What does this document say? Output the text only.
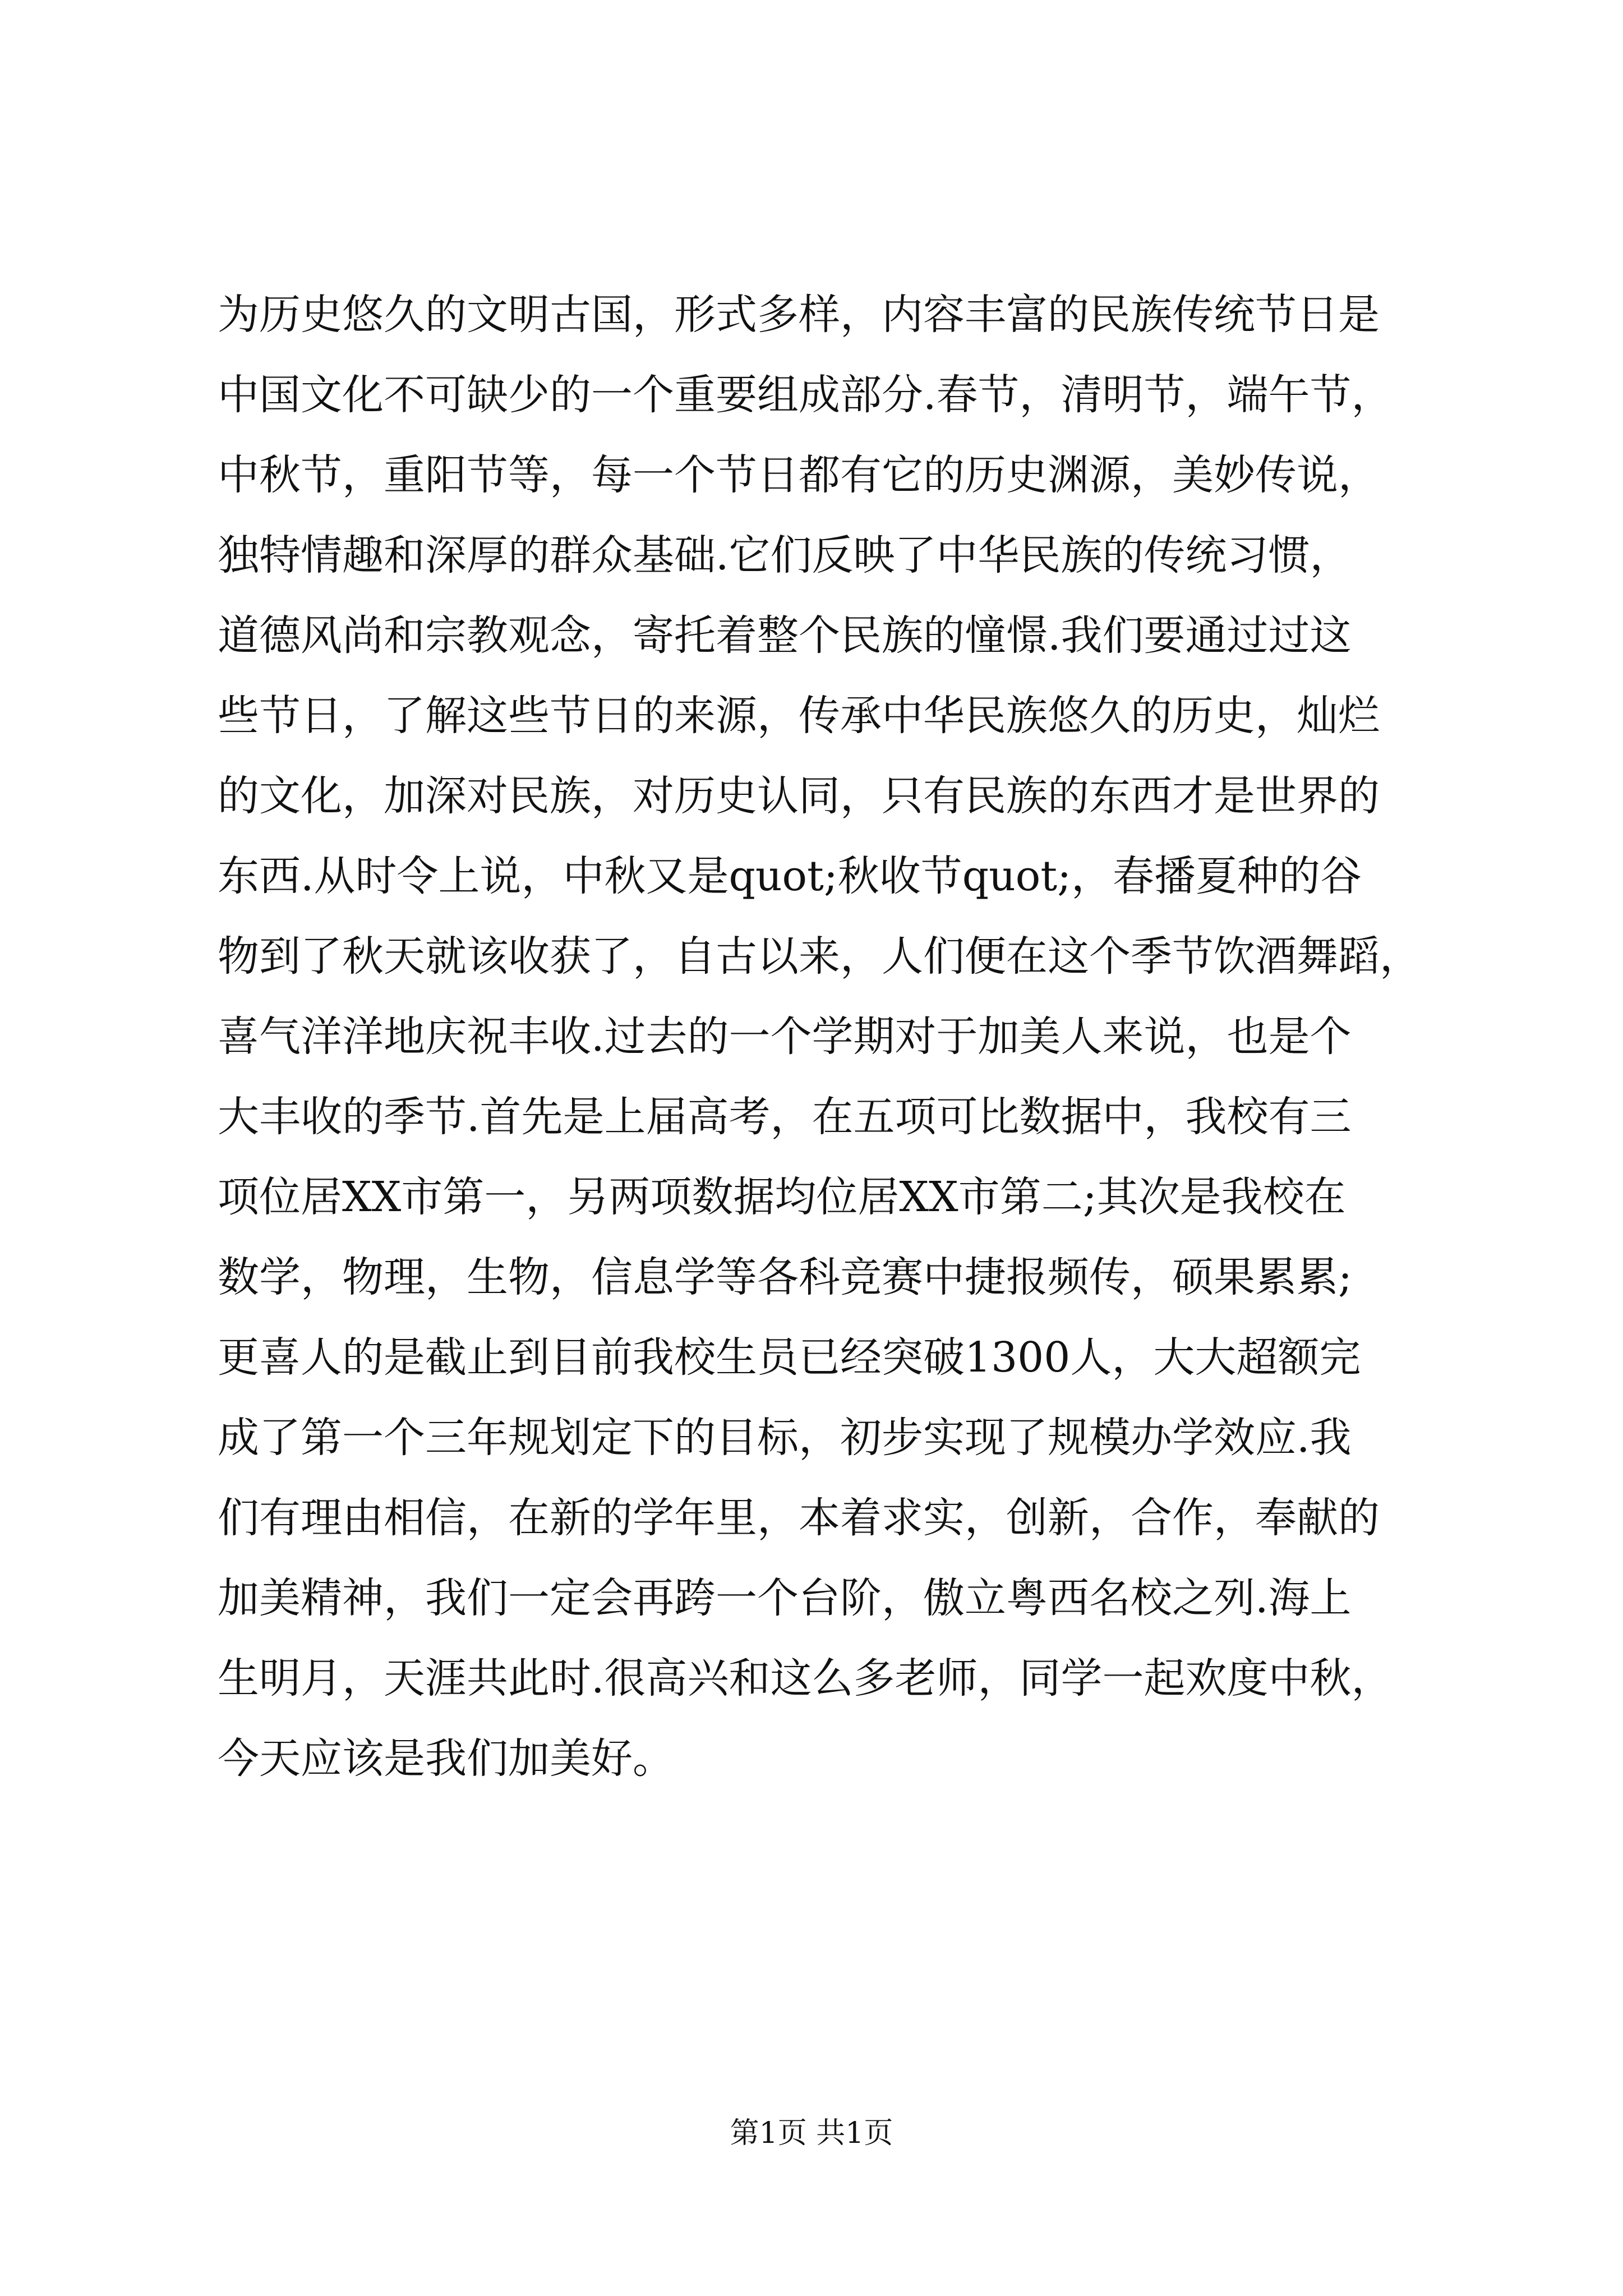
为历史悠久的文明古国，形式多样，内容丰富的民族传统节日是
中国文化不可缺少的一个重要组成部分.春节，清明节，端午节，
中秋节，重阳节等，每一个节日都有它的历史渊源，美妙传说，
独特情趣和深厚的群众基础.它们反映了中华民族的传统习惯，
道德风尚和宗教观念，寄托着整个民族的憧憬.我们要通过过这
些节日，了解这些节日的来源，传承中华民族悠久的历史，灿烂
的文化，加深对民族，对历史认同，只有民族的东西才是世界的
东西.从时令上说，中秋又是quot;秋收节quot;，春播夏种的谷
物到了秋天就该收获了，自古以来，人们便在这个季节饮酒舞蹈，
喜气洋洋地庆祝丰收.过去的一个学期对于加美人来说，也是个
大丰收的季节.首先是上届高考，在五项可比数据中，我校有三
项位居XX市第一，另两项数据均位居XX市第二;其次是我校在
数学，物理，生物，信息学等各科竞赛中捷报频传，硕果累累;
更喜人的是截止到目前我校生员已经突破1300人，大大超额完
成了第一个三年规划定下的目标，初步实现了规模办学效应.我
们有理由相信，在新的学年里，本着求实，创新，合作，奉献的
加美精神，我们一定会再跨一个台阶，傲立粤西名校之列.海上
生明月，天涯共此时.很高兴和这么多老师，同学一起欢度中秋，
今天应该是我们加美好。
第1页 共1页
